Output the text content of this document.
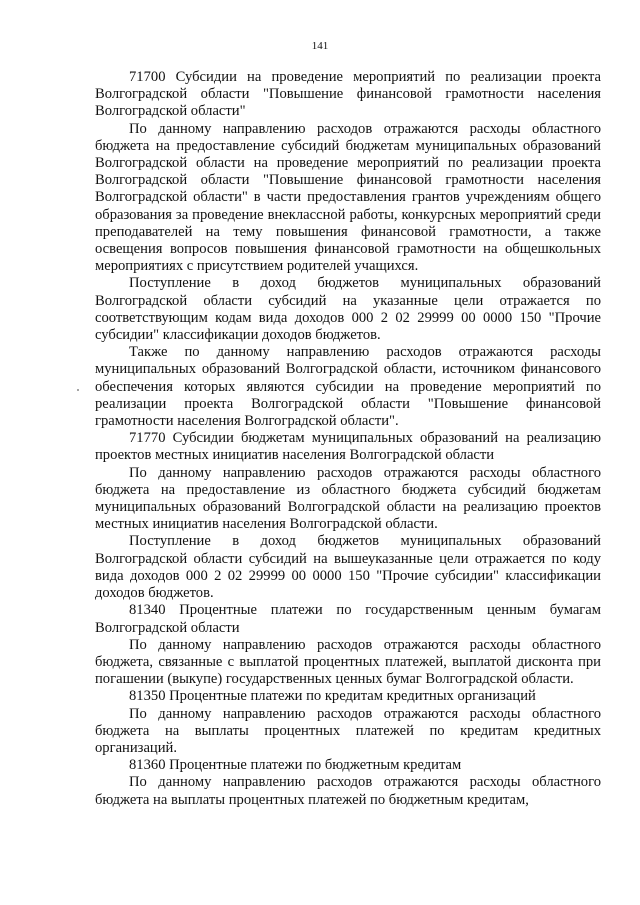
141

71700 Субсидии на проведение мероприятий по реализации проекта Волгоградской области "Повышение финансовой грамотности населения Волгоградской области"

По данному направлению расходов отражаются расходы областного бюджета на предоставление субсидий бюджетам муниципальных образований Волгоградской области на проведение мероприятий по реализации проекта Волгоградской области "Повышение финансовой грамотности населения Волгоградской области" в части предоставления грантов учреждениям общего образования за проведение внеклассной работы, конкурсных мероприятий среди преподавателей на тему повышения финансовой грамотности, а также освещения вопросов повышения финансовой грамотности на общешкольных мероприятиях с присутствием родителей учащихся.

Поступление в доход бюджетов муниципальных образований Волгоградской области субсидий на указанные цели отражается по соответствующим кодам вида доходов 000 2 02 29999 00 0000 150 "Прочие субсидии" классификации доходов бюджетов.

Также по данному направлению расходов отражаются расходы муниципальных образований Волгоградской области, источником финансового обеспечения которых являются субсидии на проведение мероприятий по реализации проекта Волгоградской области "Повышение финансовой грамотности населения Волгоградской области".

71770 Субсидии бюджетам муниципальных образований на реализацию проектов местных инициатив населения Волгоградской области

По данному направлению расходов отражаются расходы областного бюджета на предоставление из областного бюджета субсидий бюджетам муниципальных образований Волгоградской области на реализацию проектов местных инициатив населения Волгоградской области.

Поступление в доход бюджетов муниципальных образований Волгоградской области субсидий на вышеуказанные цели отражается по коду вида доходов 000 2 02 29999 00 0000 150 "Прочие субсидии" классификации доходов бюджетов.

81340 Процентные платежи по государственным ценным бумагам Волгоградской области

По данному направлению расходов отражаются расходы областного бюджета, связанные с выплатой процентных платежей, выплатой дисконта при погашении (выкупе) государственных ценных бумаг Волгоградской области.

81350 Процентные платежи по кредитам кредитных организаций

По данному направлению расходов отражаются расходы областного бюджета на выплаты процентных платежей по кредитам кредитных организаций.

81360 Процентные платежи по бюджетным кредитам

По данному направлению расходов отражаются расходы областного бюджета на выплаты процентных платежей по бюджетным кредитам,
